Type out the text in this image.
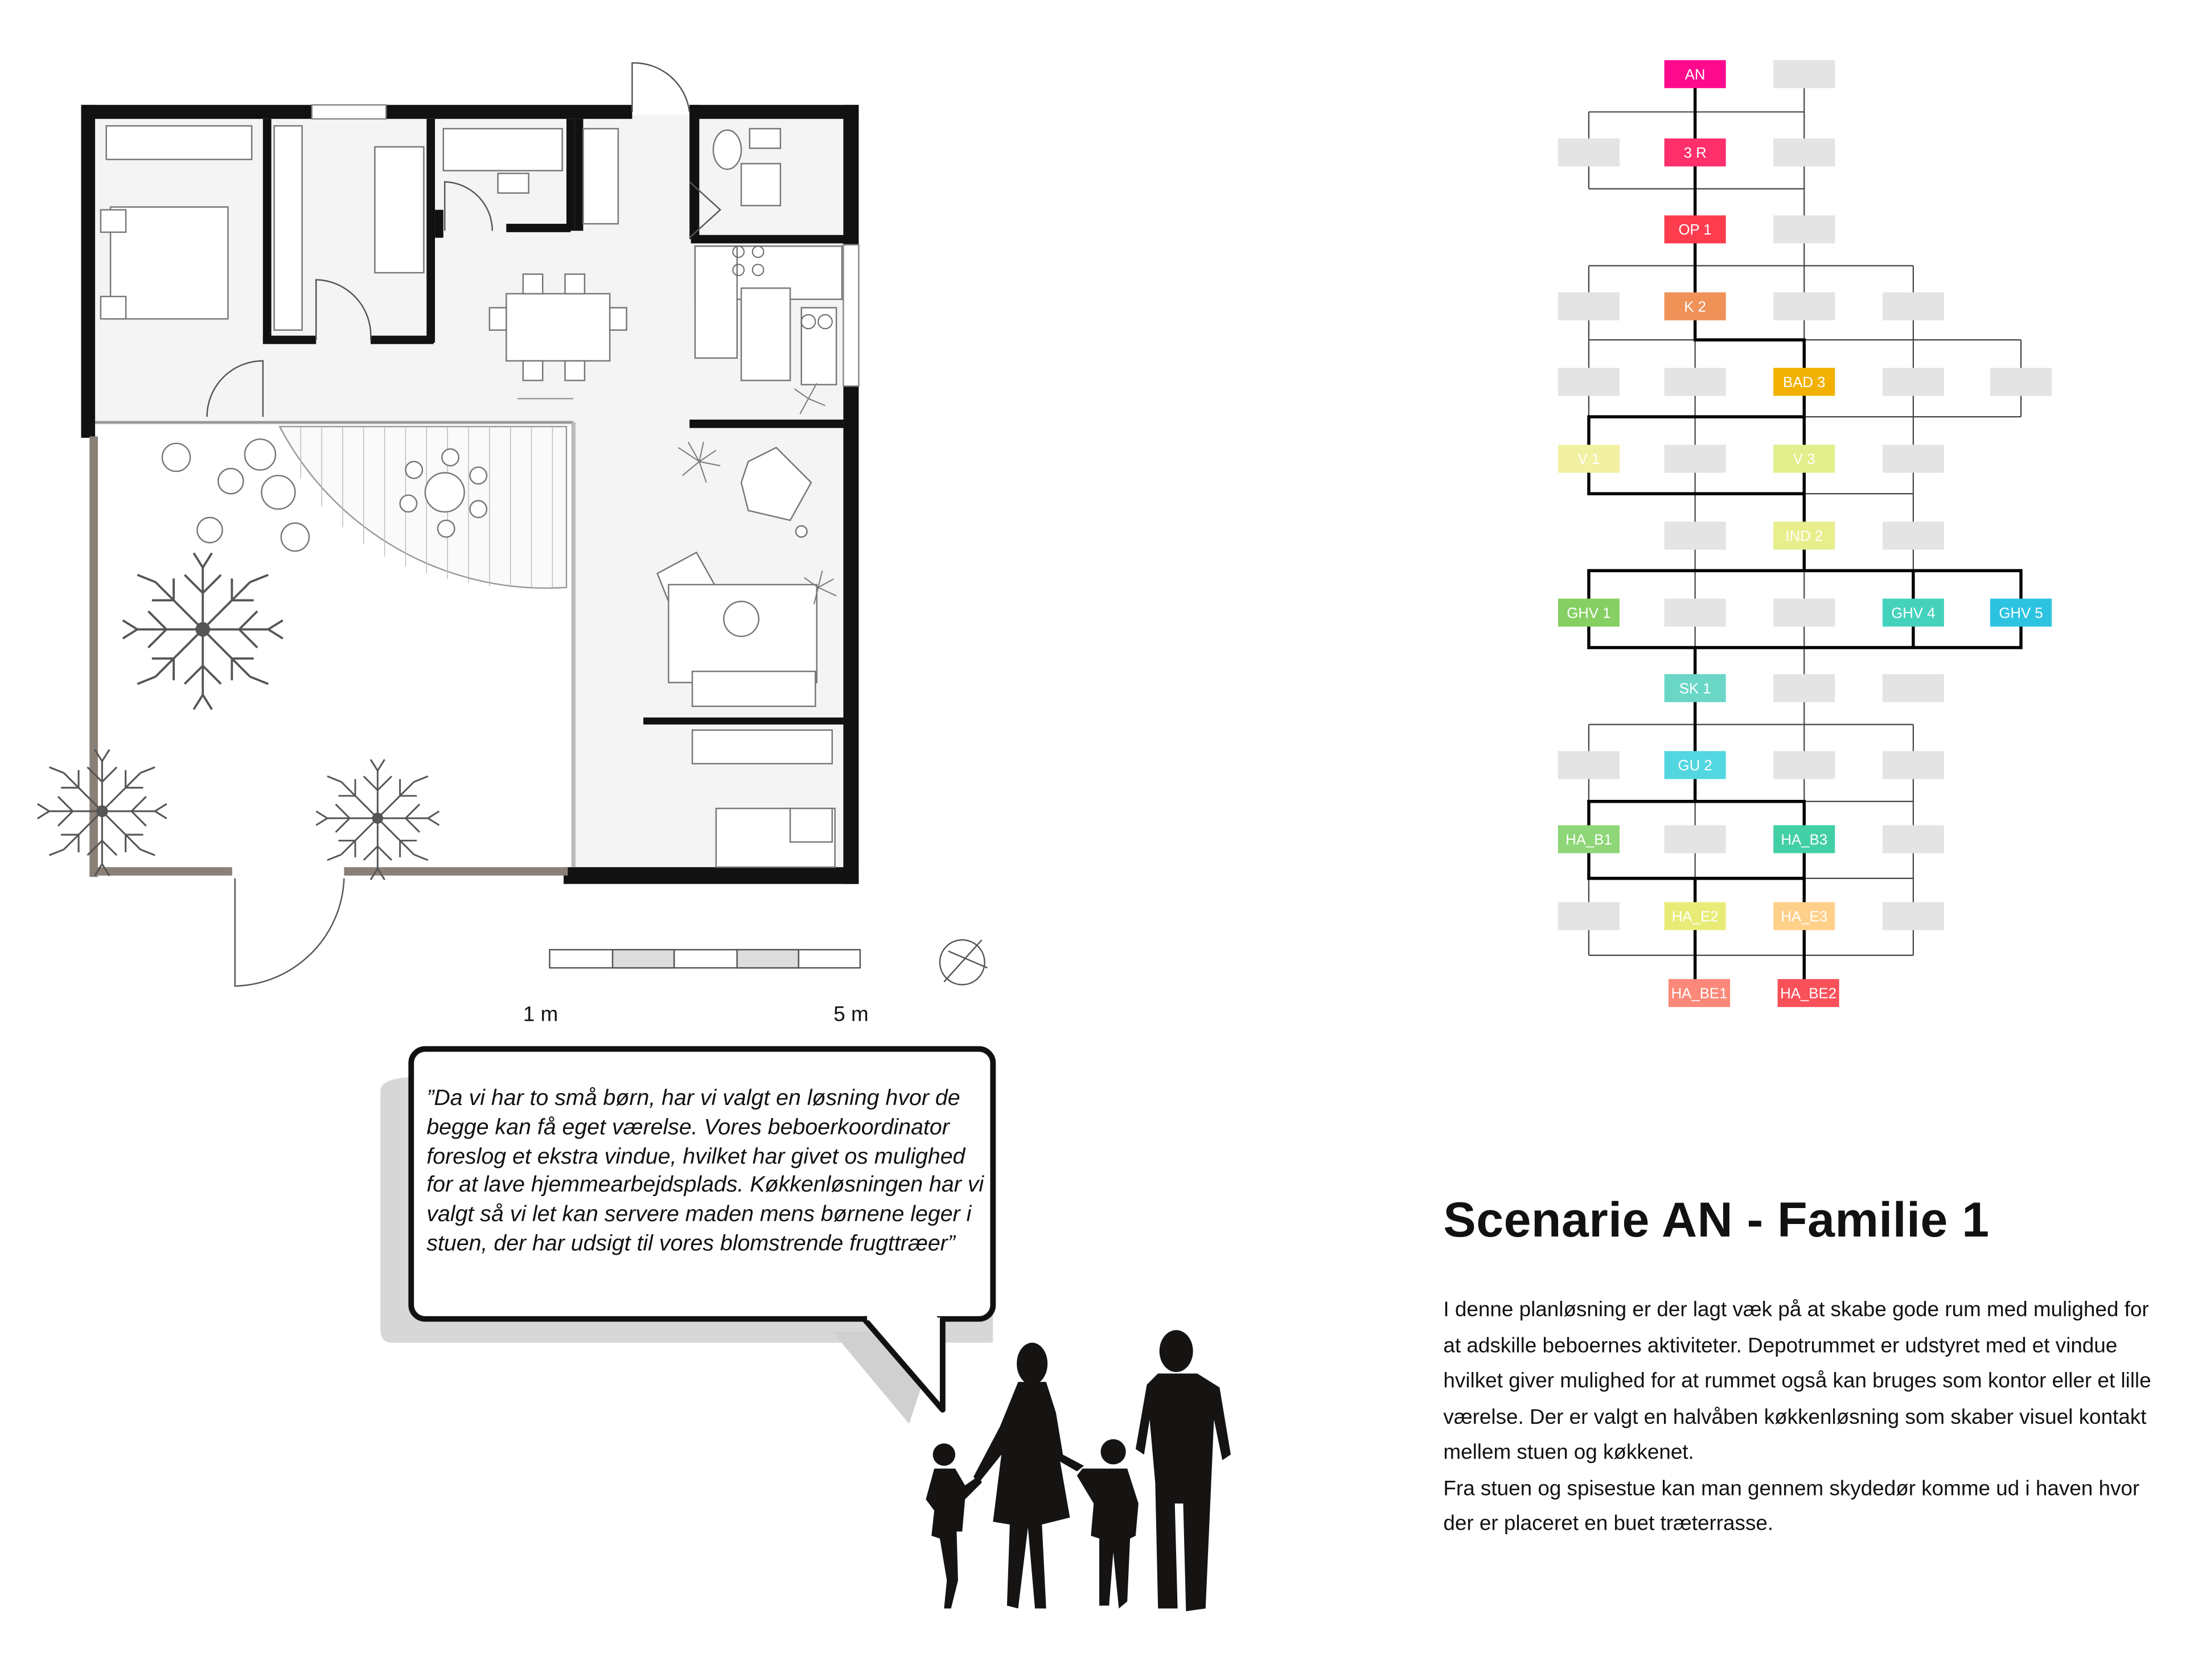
AN
3 R
OP 1
K 2
BAD 3
V 1	V 3
IND 2
GHV 1	GHV 4	GHV 5
SK 1
GU 2
HA_B1	HA_B3
HA_E2	HA_E3
HA_BE1	HA_BE2
1 m	5 m
”Da vi har to små børn, har vi valgt en løsning hvor de begge kan få eget værelse. Vores beboerkoordinator foreslog et ekstra vindue, hvilket har givet os mulighed for at lave hjemmearbejdsplads. Køkkenløsningen har vi valgt så vi let kan servere maden mens børnene leger i stuen, der har udsigt til vores blomstrende frugttræer”	Scenarie AN - Familie 1

I denne planløsning er der lagt væk på at skabe gode rum med mulighed for at adskille beboernes aktiviteter. Depotrummet er udstyret med et vindue hvilket giver mulighed for at rummet også kan bruges som kontor eller et lille værelse. Der er valgt en halvåben køkkenløsning som skaber visuel kontakt mellem stuen og køkkenet.

Fra stuen og spisestue kan man gennem skydedør komme ud i haven hvor der er placeret en buet træterrasse.
